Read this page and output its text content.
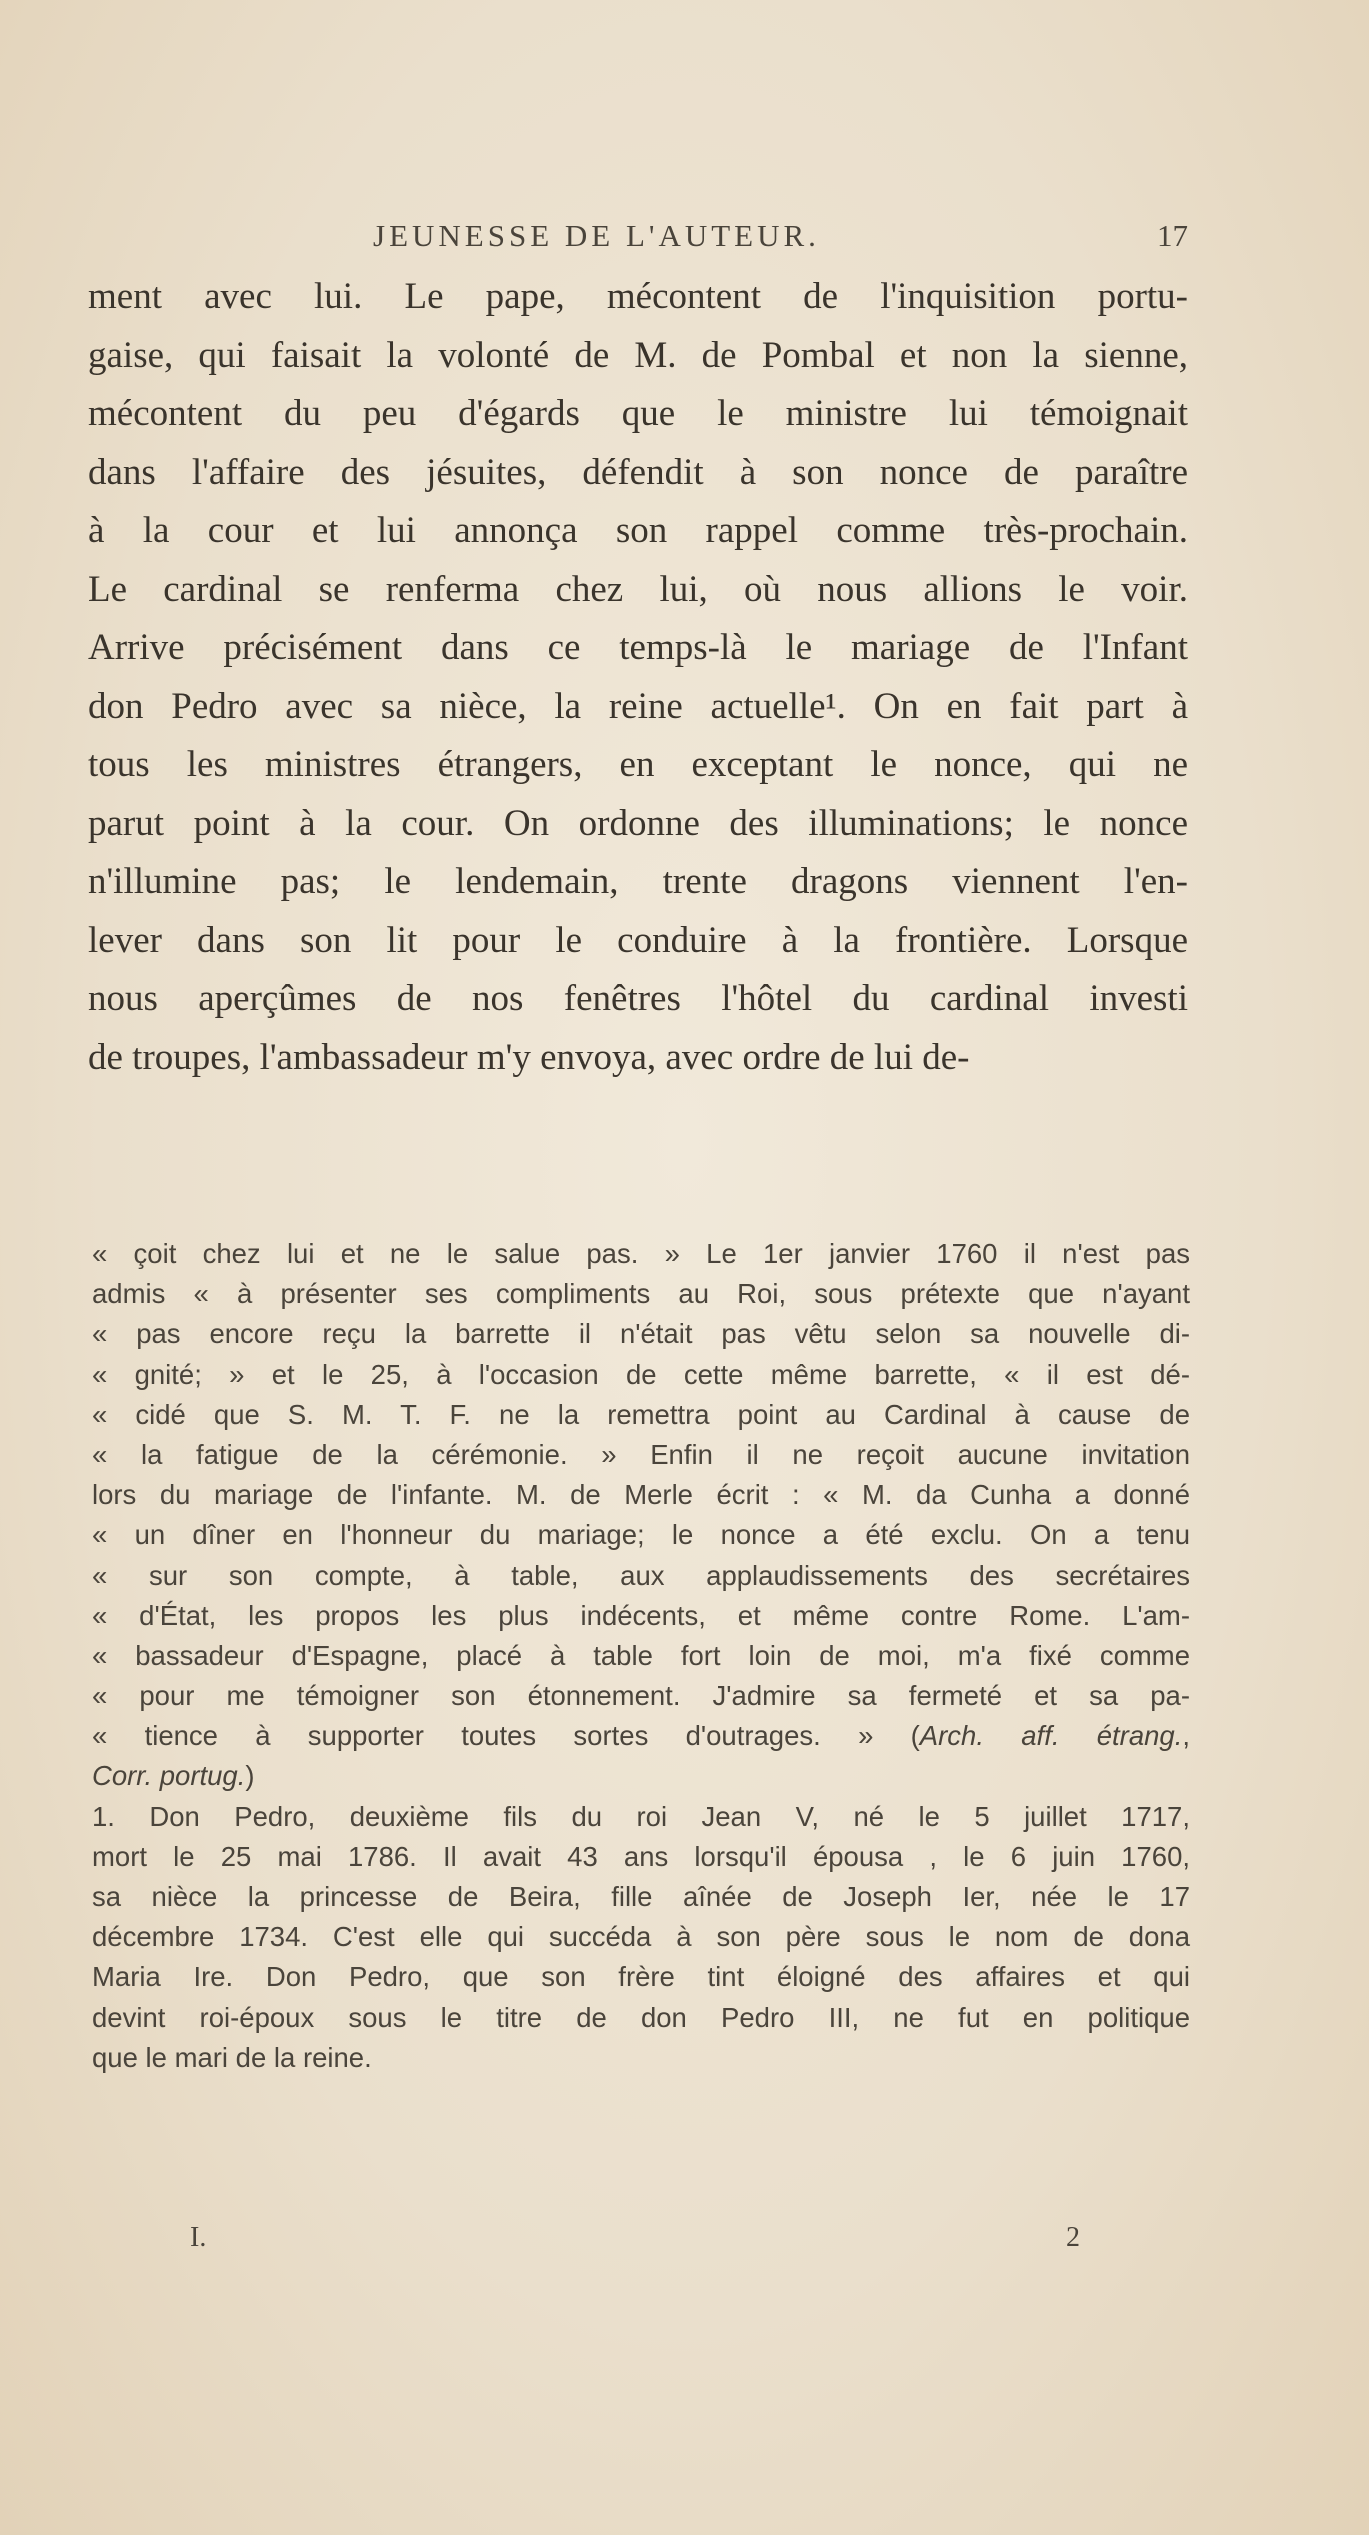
JEUNESSE DE L'AUTEUR.	17
ment avec lui. Le pape, mécontent de l'inquisition portu-
gaise, qui faisait la volonté de M. de Pombal et non la sienne,
mécontent du peu d'égards que le ministre lui témoignait
dans l'affaire des jésuites, défendit à son nonce de paraître
à la cour et lui annonça son rappel comme très-prochain.
Le cardinal se renferma chez lui, où nous allions le voir.
Arrive précisément dans ce temps-là le mariage de l'Infant
don Pedro avec sa nièce, la reine actuelle¹. On en fait part à
tous les ministres étrangers, en exceptant le nonce, qui ne
parut point à la cour. On ordonne des illuminations; le nonce
n'illumine pas; le lendemain, trente dragons viennent l'en-
lever dans son lit pour le conduire à la frontière. Lorsque
nous aperçûmes de nos fenêtres l'hôtel du cardinal investi
de troupes, l'ambassadeur m'y envoya, avec ordre de lui de-
« çoit chez lui et ne le salue pas. » Le 1er janvier 1760 il n'est pas
admis « à présenter ses compliments au Roi, sous prétexte que n'ayant
« pas encore reçu la barrette il n'était pas vêtu selon sa nouvelle di-
« gnité; » et le 25, à l'occasion de cette même barrette, « il est dé-
« cidé que S. M. T. F. ne la remettra point au Cardinal à cause de
« la fatigue de la cérémonie. » Enfin il ne reçoit aucune invitation
lors du mariage de l'infante. M. de Merle écrit : « M. da Cunha a donné
« un dîner en l'honneur du mariage; le nonce a été exclu. On a tenu
« sur son compte, à table, aux applaudissements des secrétaires
« d'État, les propos les plus indécents, et même contre Rome. L'am-
« bassadeur d'Espagne, placé à table fort loin de moi, m'a fixé comme
« pour me témoigner son étonnement. J'admire sa fermeté et sa pa-
« tience à supporter toutes sortes d'outrages. » (Arch. aff. étrang.,
Corr. portug.)
1. Don Pedro, deuxième fils du roi Jean V, né le 5 juillet 1717,
mort le 25 mai 1786. Il avait 43 ans lorsqu'il épousa , le 6 juin 1760,
sa nièce la princesse de Beira, fille aînée de Joseph Ier, née le 17
décembre 1734. C'est elle qui succéda à son père sous le nom de dona
Maria Ire. Don Pedro, que son frère tint éloigné des affaires et qui
devint roi-époux sous le titre de don Pedro III, ne fut en politique
que le mari de la reine.
I.	2
